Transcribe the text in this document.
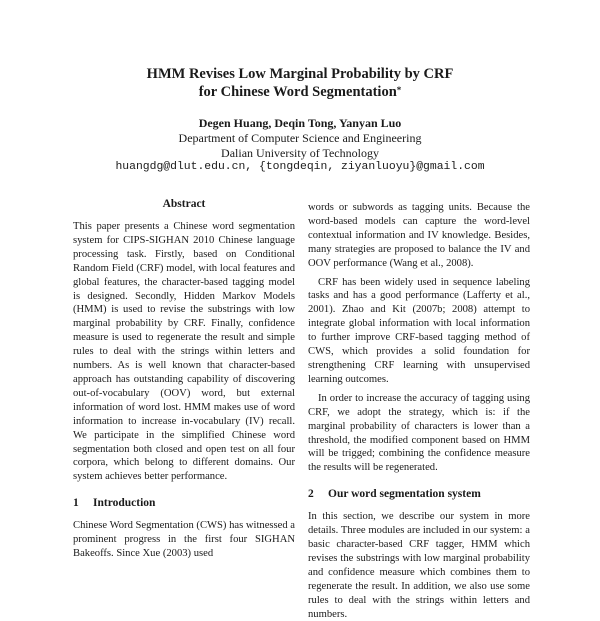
HMM Revises Low Marginal Probability by CRF
for Chinese Word Segmentation*
Degen Huang, Deqin Tong, Yanyan Luo
Department of Computer Science and Engineering
Dalian University of Technology
huangdg@dlut.edu.cn, {tongdeqin, ziyanluoyu}@gmail.com
Abstract

This paper presents a Chinese word segmentation system for CIPS-SIGHAN 2010 Chinese language processing task. Firstly, based on Conditional Random Field (CRF) model, with local features and global features, the character-based tagging model is designed. Secondly, Hidden Markov Models (HMM) is used to revise the substrings with low marginal probability by CRF. Finally, confidence measure is used to regenerate the result and simple rules to deal with the strings within letters and numbers. As is well known that character-based approach has outstanding capability of discovering out-of-vocabulary (OOV) word, but external information of word lost. HMM makes use of word information to increase in-vocabulary (IV) recall. We participate in the simplified Chinese word segmentation both closed and open test on all four corpora, which belong to different domains. Our system achieves better performance.

1 Introduction

Chinese Word Segmentation (CWS) has witnessed a prominent progress in the first four SIGHAN Bakeoffs. Since Xue (2003) used

words or subwords as tagging units. Because the word-based models can capture the word-level contextual information and IV knowledge. Besides, many strategies are proposed to balance the IV and OOV performance (Wang et al., 2008).

CRF has been widely used in sequence labeling tasks and has a good performance (Lafferty et al., 2001). Zhao and Kit (2007b; 2008) attempt to integrate global information with local information to further improve CRF-based tagging method of CWS, which provides a solid foundation for strengthening CRF learning with unsupervised learning outcomes.

In order to increase the accuracy of tagging using CRF, we adopt the strategy, which is: if the marginal probability of characters is lower than a threshold, the modified component based on HMM will be trigged; combining the confidence measure the results will be regenerated.

2 Our word segmentation system

In this section, we describe our system in more details. Three modules are included in our system: a basic character-based CRF tagger, HMM which revises the substrings with low marginal probability and confidence measure which combines them to regenerate the result. In addition, we also use some rules to deal with the strings within letters and numbers.
